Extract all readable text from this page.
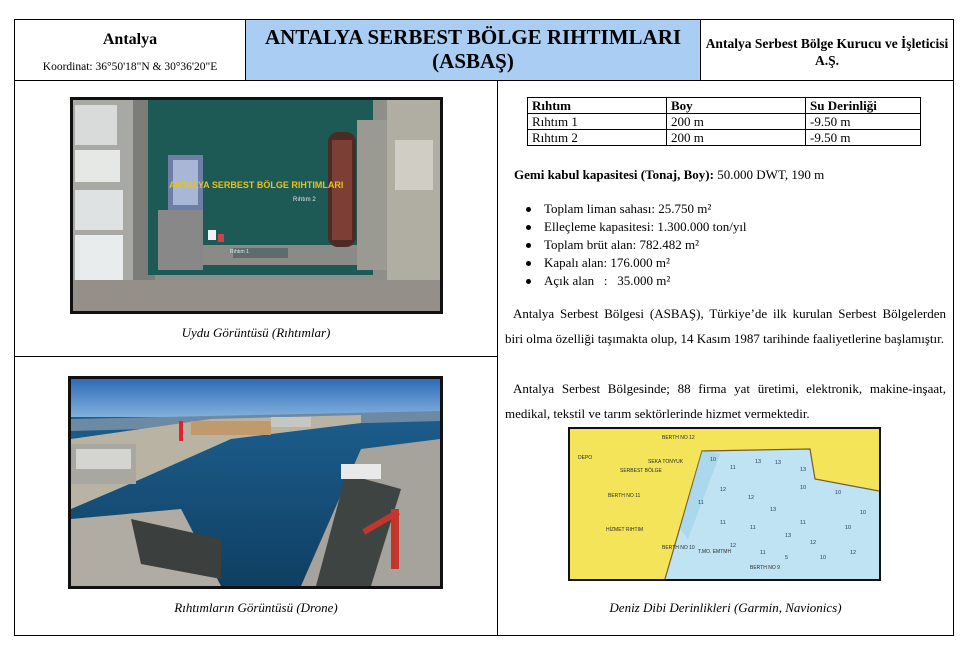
Antalya
Koordinat: 36°50'18"N & 30°36'20"E
ANTALYA SERBEST BÖLGE RIHTIMLARI (ASBAŞ)
Antalya Serbest Bölge Kurucu ve İşleticisi A.Ş.
ANTALYA SERBEST BÖLGE RIHTIMLARI
Rıhtım 2
Rıhtım 1
Uydu Görüntüsü (Rıhtımlar)
Rıhtımların Görüntüsü (Drone)
Rıhtım	Boy	Su Derinliği
Rıhtım 1	200 m	-9.50 m
Rıhtım 2	200 m	-9.50 m
Gemi kabul kapasitesi (Tonaj, Boy): 50.000 DWT, 190 m
Toplam liman sahası: 25.750 m²
Elleçleme kapasitesi: 1.300.000 ton/yıl
Toplam brüt alan: 782.482 m²
Kapalı alan: 176.000 m²
Açık alan   :   35.000 m²
Antalya Serbest Bölgesi (ASBAŞ), Türkiye’de ilk kurulan Serbest Bölgelerden biri olma özelliği taşımakta olup, 14 Kasım 1987 tarihinde faaliyetlerine başlamıştır.
Antalya Serbest Bölgesinde; 88 firma yat üretimi, elektronik, makine-inşaat, medikal, tekstil ve tarım sektörlerinde hizmet vermektedir.
BERTH NO 12
DEPO
SEKA TONYUK
SERBEST BÖLGE
BERTH NO 11
HİZMET RIHTIM
BERTH NO 10
T.MO. EMTMH
BERTH NO 9
10
11
13	13
13
11
12
12
13
10
10
10
11
12
11
13
12
10
11
5	10
12
11
Deniz Dibi Derinlikleri (Garmin, Navionics)
